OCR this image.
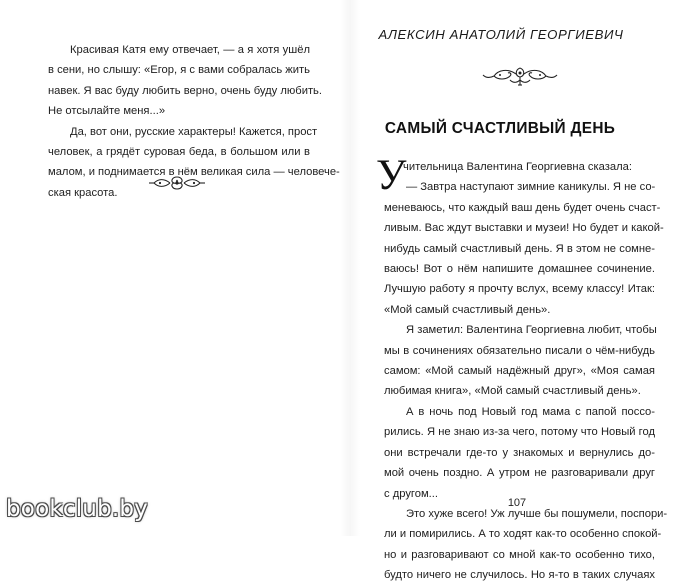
Красивая Катя ему отвечает, — а я хотя ушёл
в сени, но слышу: «Егор, я с вами собралась жить
навек. Я вас буду любить верно, очень буду любить.
Не отсылайте меня...»
Да, вот они, русские характеры! Кажется, прост
человек, а грядёт суровая беда, в большом или в
малом, и поднимается в нём великая сила — человече-
ская красота.
АЛЕКСИН АНАТОЛИЙ ГЕОРГИЕВИЧ
САМЫЙ СЧАСТЛИВЫЙ ДЕНЬ
У
чительница Валентина Георгиевна сказала:
— Завтра наступают зимние каникулы. Я не со-
меневаюсь, что каждый ваш день будет очень счаст-
ливым. Вас ждут выставки и музеи! Но будет и какой-
нибудь самый счастливый день. Я в этом не сомне-
ваюсь! Вот о нём напишите домашнее сочинение.
Лучшую работу я прочту вслух, всему классу! Итак:
«Мой самый счастливый день».
Я заметил: Валентина Георгиевна любит, чтобы
мы в сочинениях обязательно писали о чём-нибудь
самом: «Мой самый надёжный друг», «Моя самая
любимая книга», «Мой самый счастливый день».
А в ночь под Новый год мама с папой поссо-
рились. Я не знаю из-за чего, потому что Новый год
они встречали где-то у знакомых и вернулись до-
мой очень поздно. А утром не разговаривали друг
с другом...
Это хуже всего! Уж лучше бы пошумели, поспори-
ли и помирились. А то ходят как-то особенно спокой-
но и разговаривают со мной как-то особенно тихо,
будто ничего не случилось. Но я-то в таких случаях
107
bookclub.by
